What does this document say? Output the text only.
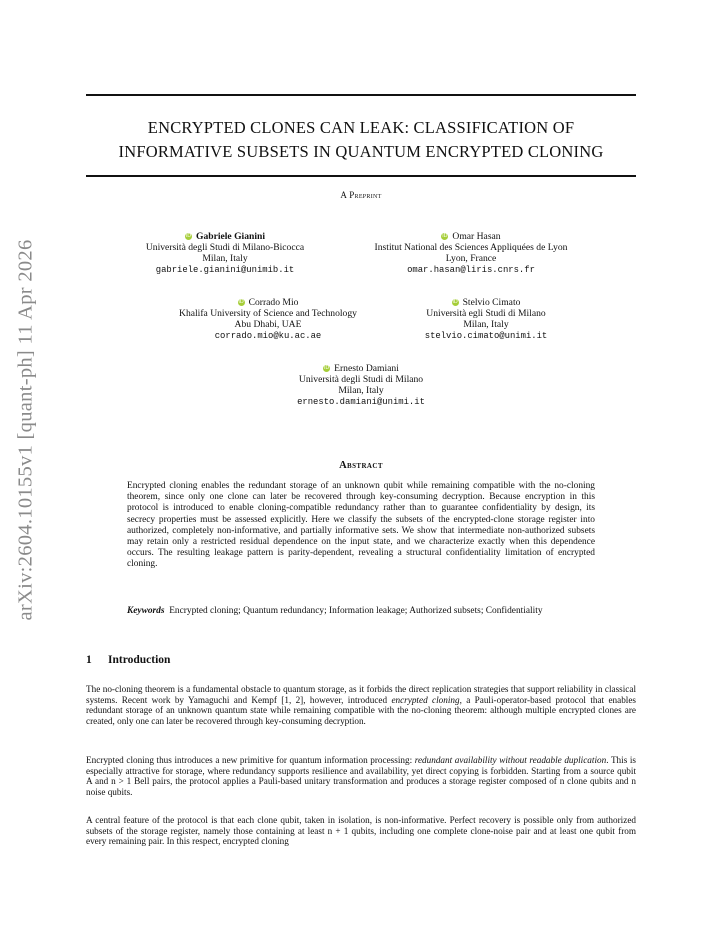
arXiv:2604.10155v1 [quant-ph] 11 Apr 2026
ENCRYPTED CLONES CAN LEAK: CLASSIFICATION OF
INFORMATIVE SUBSETS IN QUANTUM ENCRYPTED CLONING
A Preprint
iD Gabriele Gianini
Università degli Studi di Milano-Bicocca
Milan, Italy
gabriele.gianini@unimib.it
iD Omar Hasan
Institut National des Sciences Appliquées de Lyon
Lyon, France
omar.hasan@liris.cnrs.fr
iD Corrado Mio
Khalifa University of Science and Technology
Abu Dhabi, UAE
corrado.mio@ku.ac.ae
iD Stelvio Cimato
Università egli Studi di Milano
Milan, Italy
stelvio.cimato@unimi.it
iD Ernesto Damiani
Università degli Studi di Milano
Milan, Italy
ernesto.damiani@unimi.it
Abstract
Encrypted cloning enables the redundant storage of an unknown qubit while remaining compatible with the no-cloning theorem, since only one clone can later be recovered through key-consuming decryption. Because encryption in this protocol is introduced to enable cloning-compatible redundancy rather than to guarantee confidentiality by design, its secrecy properties must be assessed explicitly. Here we classify the subsets of the encrypted-clone storage register into authorized, completely non-informative, and partially informative sets. We show that intermediate non-authorized subsets may retain only a restricted residual dependence on the input state, and we characterize exactly when this dependence occurs. The resulting leakage pattern is parity-dependent, revealing a structural confidentiality limitation of encrypted cloning.
Keywords Encrypted cloning; Quantum redundancy; Information leakage; Authorized subsets; Confidentiality
1 Introduction
The no-cloning theorem is a fundamental obstacle to quantum storage, as it forbids the direct replication strategies that support reliability in classical systems. Recent work by Yamaguchi and Kempf [1, 2], however, introduced encrypted cloning, a Pauli-operator-based protocol that enables redundant storage of an unknown quantum state while remaining compatible with the no-cloning theorem: although multiple encrypted clones are created, only one can later be recovered through key-consuming decryption.
Encrypted cloning thus introduces a new primitive for quantum information processing: redundant availability without readable duplication. This is especially attractive for storage, where redundancy supports resilience and availability, yet direct copying is forbidden. Starting from a source qubit A and n > 1 Bell pairs, the protocol applies a Pauli-based unitary transformation and produces a storage register composed of n clone qubits and n noise qubits.
A central feature of the protocol is that each clone qubit, taken in isolation, is non-informative. Perfect recovery is possible only from authorized subsets of the storage register, namely those containing at least n + 1 qubits, including one complete clone-noise pair and at least one qubit from every remaining pair. In this respect, encrypted cloning
